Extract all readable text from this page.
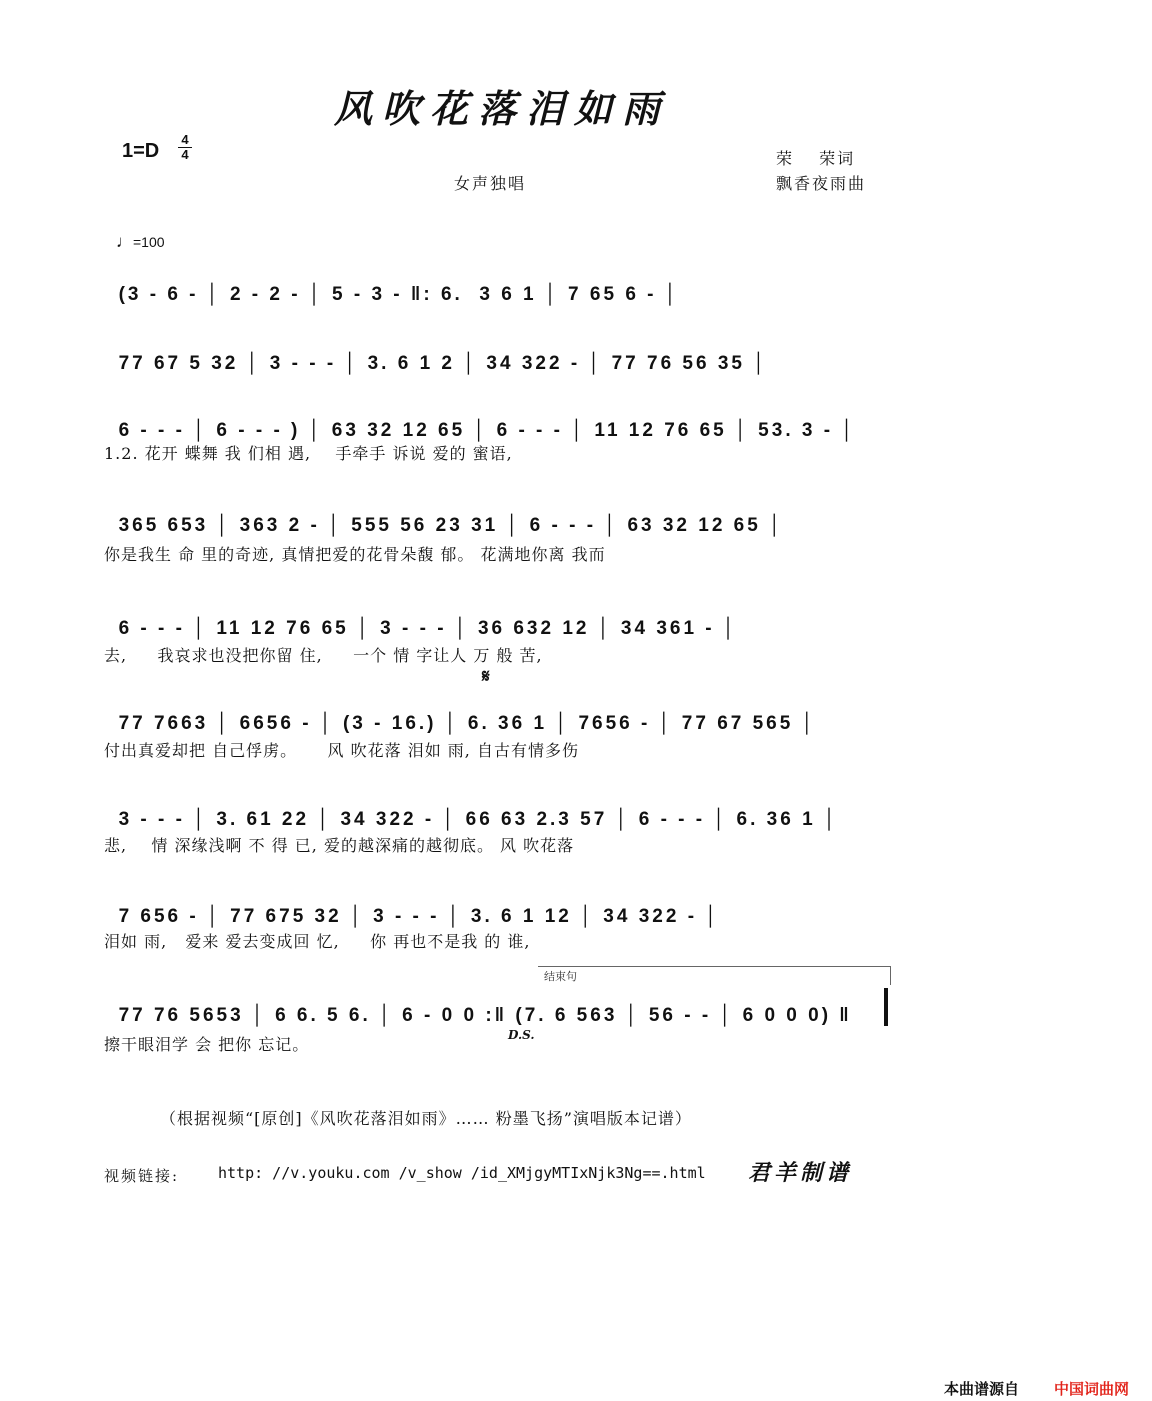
风吹花落泪如雨
$1=D \frac{4}{4}$
女声独唱
荣　 荣词
飘香夜雨曲
♩=100

(3 - 6 - │ 2 - 2 - │ 5 - 3 - ‖: 6.  3 6 1 │ 7 65 6 - │

77 67 5 32 │ 3 - - - │ 3. 6 1 2 │ 34 322 - │ 77 76 56 35 │

6 - - - │ 6 - - - ) │ 63 32 12 65 │ 6 - - - │ 11 12 76 65 │ 53. 3 - │

1.2. 花开 蝶舞 我 们相 遇,    手牵手 诉说 爱的 蜜语,

365 653 │ 363 2 - │ 555 56 23 31 │ 6 - - - │ 63 32 12 65 │

你是我生 命 里的奇迹, 真情把爱的花骨朵馥 郁。 花满地你离 我而

6 - - - │ 11 12 76 65 │ 3 - - - │ 36 632 12 │ 34 361 - │

去,     我哀求也没把你留 住,     一个 情 字让人 万 般 苦,
𝄋

77 7663 │ 6656 - │ (3 - 16.) │ 6. 36 1 │ 7656 - │ 77 67 565 │

付出真爱却把 自己俘虏。     风 吹花落 泪如 雨, 自古有情多伤

3 - - - │ 3. 61 22 │ 34 322 - │ 66 63 2.3 57 │ 6 - - - │ 6. 36 1 │

悲,    情 深缘浅啊 不 得 已, 爱的越深痛的越彻底。 风 吹花落

7 656 - │ 77 675 32 │ 3 - - - │ 3. 6 1 12 │ 34 322 - │

泪如 雨,   爱来 爱去变成回 忆,     你 再也不是我 的 谁,
结束句

77 76 5653 │ 6 6. 5 6. │ 6 - 0 0 :‖ (7. 6 563 │ 56 - - │ 6 0 0 0) ‖

D.S.
擦干眼泪学 会 把你 忘记。
（根据视频“[原创]《风吹花落泪如雨》…… 粉墨飞扬”演唱版本记谱）
视频链接:	http: //v.youku.com /v_show /id_XMjgyMTIxNjk3Ng==.html 君羊制谱
本曲谱源自 中国词曲网
